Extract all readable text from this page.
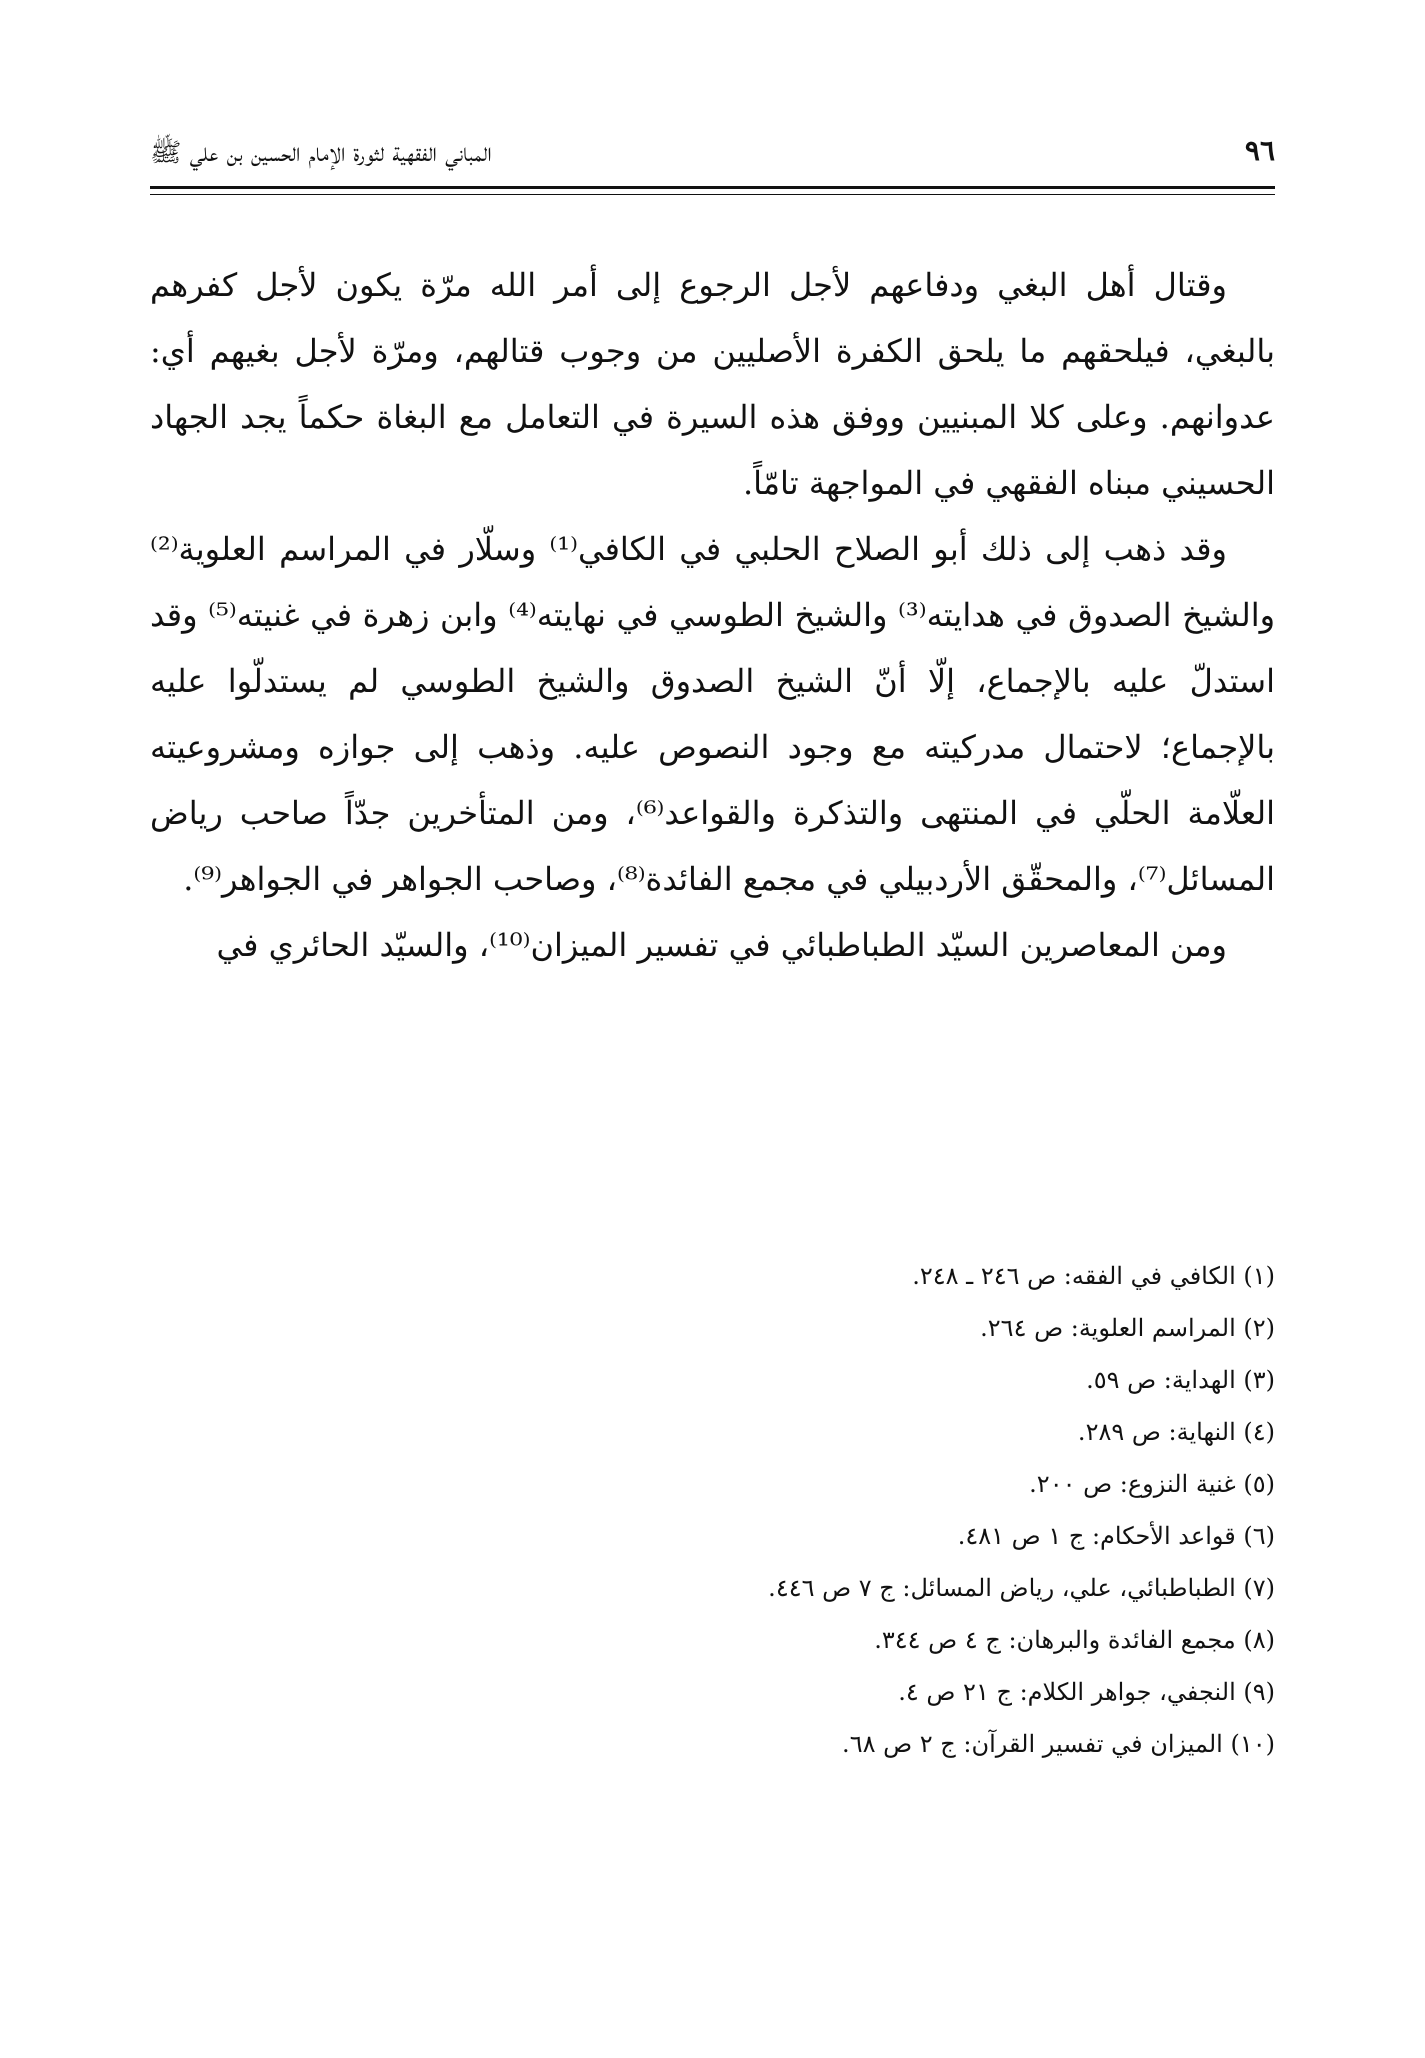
٩٦
المباني الفقهية لثورة الإمام الحسين بن علي ﷺ

وقتال أهل البغي ودفاعهم لأجل الرجوع إلى أمر الله مرّة يكون لأجل كفرهم بالبغي، فيلحقهم ما يلحق الكفرة الأصليين من وجوب قتالهم، ومرّة لأجل بغيهم أي: عدوانهم. وعلى كلا المبنيين ووفق هذه السيرة في التعامل مع البغاة حكماً يجد الجهاد الحسيني مبناه الفقهي في المواجهة تامّاً.

وقد ذهب إلى ذلك أبو الصلاح الحلبي في الكافي⁽¹⁾ وسلّار في المراسم العلوية⁽²⁾ والشيخ الصدوق في هدايته⁽³⁾ والشيخ الطوسي في نهايته⁽⁴⁾ وابن زهرة في غنيته⁽⁵⁾ وقد استدلّ عليه بالإجماع، إلّا أنّ الشيخ الصدوق والشيخ الطوسي لم يستدلّوا عليه بالإجماع؛ لاحتمال مدركيته مع وجود النصوص عليه. وذهب إلى جوازه ومشروعيته العلّامة الحلّي في المنتهى والتذكرة والقواعد⁽⁶⁾، ومن المتأخرين جدّاً صاحب رياض المسائل⁽⁷⁾، والمحقّق الأردبيلي في مجمع الفائدة⁽⁸⁾، وصاحب الجواهر في الجواهر⁽⁹⁾.

ومن المعاصرين السيّد الطباطبائي في تفسير الميزان⁽¹⁰⁾، والسيّد الحائري في

(١) الكافي في الفقه: ص ٢٤٦ ـ ٢٤٨.
(٢) المراسم العلوية: ص ٢٦٤.
(٣) الهداية: ص ٥٩.
(٤) النهاية: ص ٢٨٩.
(٥) غنية النزوع: ص ٢٠٠.
(٦) قواعد الأحكام: ج ١ ص ٤٨١.
(٧) الطباطبائي، علي، رياض المسائل: ج ٧ ص ٤٤٦.
(٨) مجمع الفائدة والبرهان: ج ٤ ص ٣٤٤.
(٩) النجفي، جواهر الكلام: ج ٢١ ص ٤.
(١٠) الميزان في تفسير القرآن: ج ٢ ص ٦٨.
